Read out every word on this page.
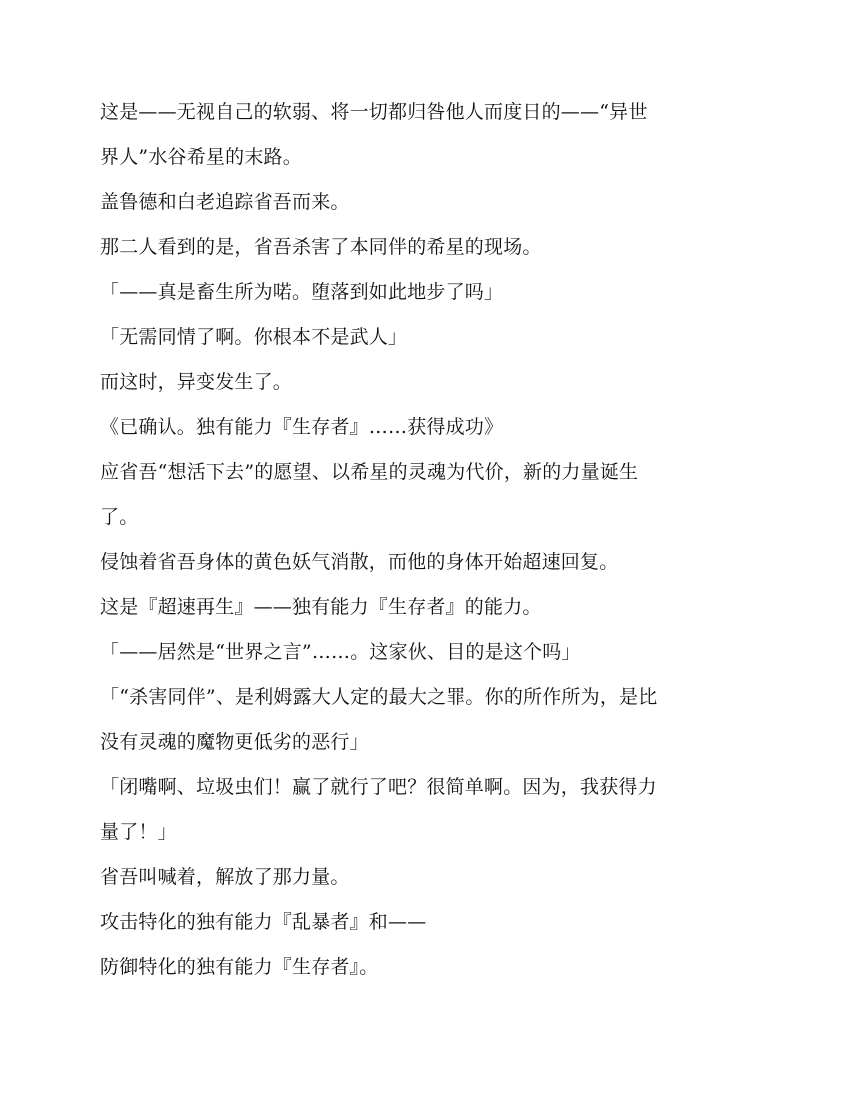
这是——无视自己的软弱、将一切都归咎他人而度日的——“异世
界人”水谷希星的末路。
盖鲁德和白老追踪省吾而来。
那二人看到的是，省吾杀害了本同伴的希星的现场。
「——真是畜生所为喏。堕落到如此地步了吗」
「无需同情了啊。你根本不是武人」
而这时，异变发生了。
《已确认。独有能力『生存者』……获得成功》
应省吾“想活下去”的愿望、以希星的灵魂为代价，新的力量诞生
了。
侵蚀着省吾身体的黄色妖气消散，而他的身体开始超速回复。
这是『超速再生』——独有能力『生存者』的能力。
「——居然是“世界之言”……。这家伙、目的是这个吗」
「“杀害同伴”、是利姆露大人定的最大之罪。你的所作所为，是比
没有灵魂的魔物更低劣的恶行」
「闭嘴啊、垃圾虫们！赢了就行了吧？很简单啊。因为，我获得力
量了！」
省吾叫喊着，解放了那力量。
攻击特化的独有能力『乱暴者』和——
防御特化的独有能力『生存者』。
